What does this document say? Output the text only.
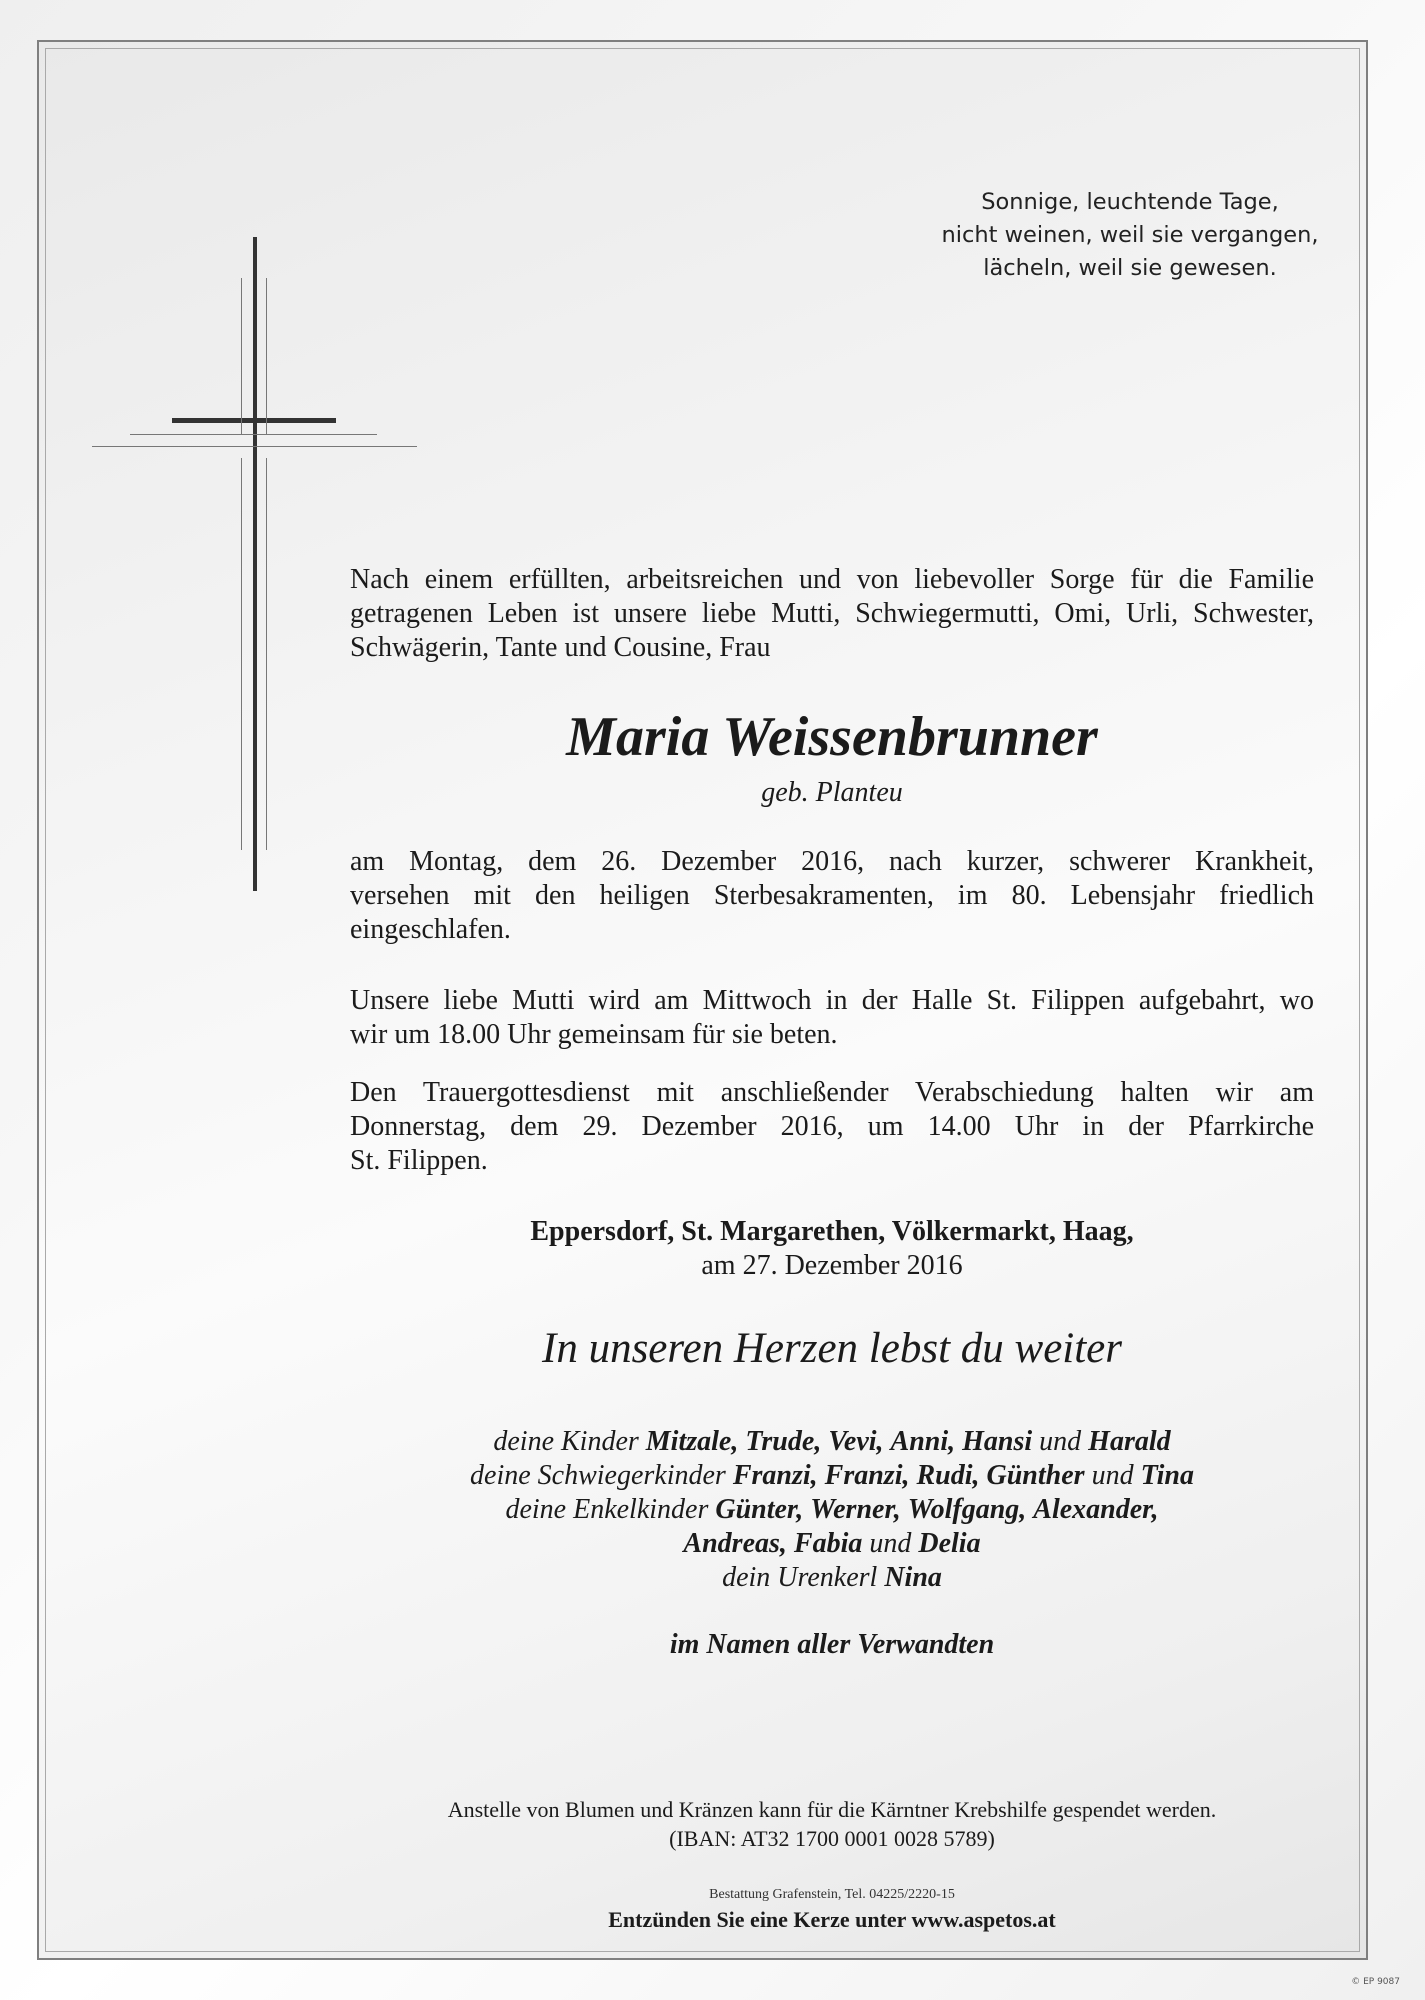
Sonnige, leuchtende Tage,
nicht weinen, weil sie vergangen,
lächeln, weil sie gewesen.
Nach einem erfüllten, arbeitsreichen und von liebevoller Sorge für die Familie
getragenen Leben ist unsere liebe Mutti, Schwiegermutti, Omi, Urli, Schwester,
Schwägerin, Tante und Cousine, Frau
Maria Weissenbrunner
geb. Planteu
am Montag, dem 26. Dezember 2016, nach kurzer, schwerer Krankheit,
versehen mit den heiligen Sterbesakramenten, im 80. Lebensjahr friedlich
eingeschlafen.
Unsere liebe Mutti wird am Mittwoch in der Halle St. Filippen aufgebahrt, wo
wir um 18.00 Uhr gemeinsam für sie beten.
Den Trauergottesdienst mit anschließender Verabschiedung halten wir am
Donnerstag, dem 29. Dezember 2016, um 14.00 Uhr in der Pfarrkirche
St. Filippen.
Eppersdorf, St. Margarethen, Völkermarkt, Haag,
am 27. Dezember 2016
In unseren Herzen lebst du weiter
deine Kinder Mitzale, Trude, Vevi, Anni, Hansi und Harald
deine Schwiegerkinder Franzi, Franzi, Rudi, Günther und Tina
deine Enkelkinder Günter, Werner, Wolfgang, Alexander,
Andreas, Fabia und Delia
dein Urenkerl Nina
im Namen aller Verwandten
Anstelle von Blumen und Kränzen kann für die Kärntner Krebshilfe gespendet werden.
(IBAN: AT32 1700 0001 0028 5789)
Bestattung Grafenstein, Tel. 04225/2220-15
Entzünden Sie eine Kerze unter www.aspetos.at
© EP 9087
